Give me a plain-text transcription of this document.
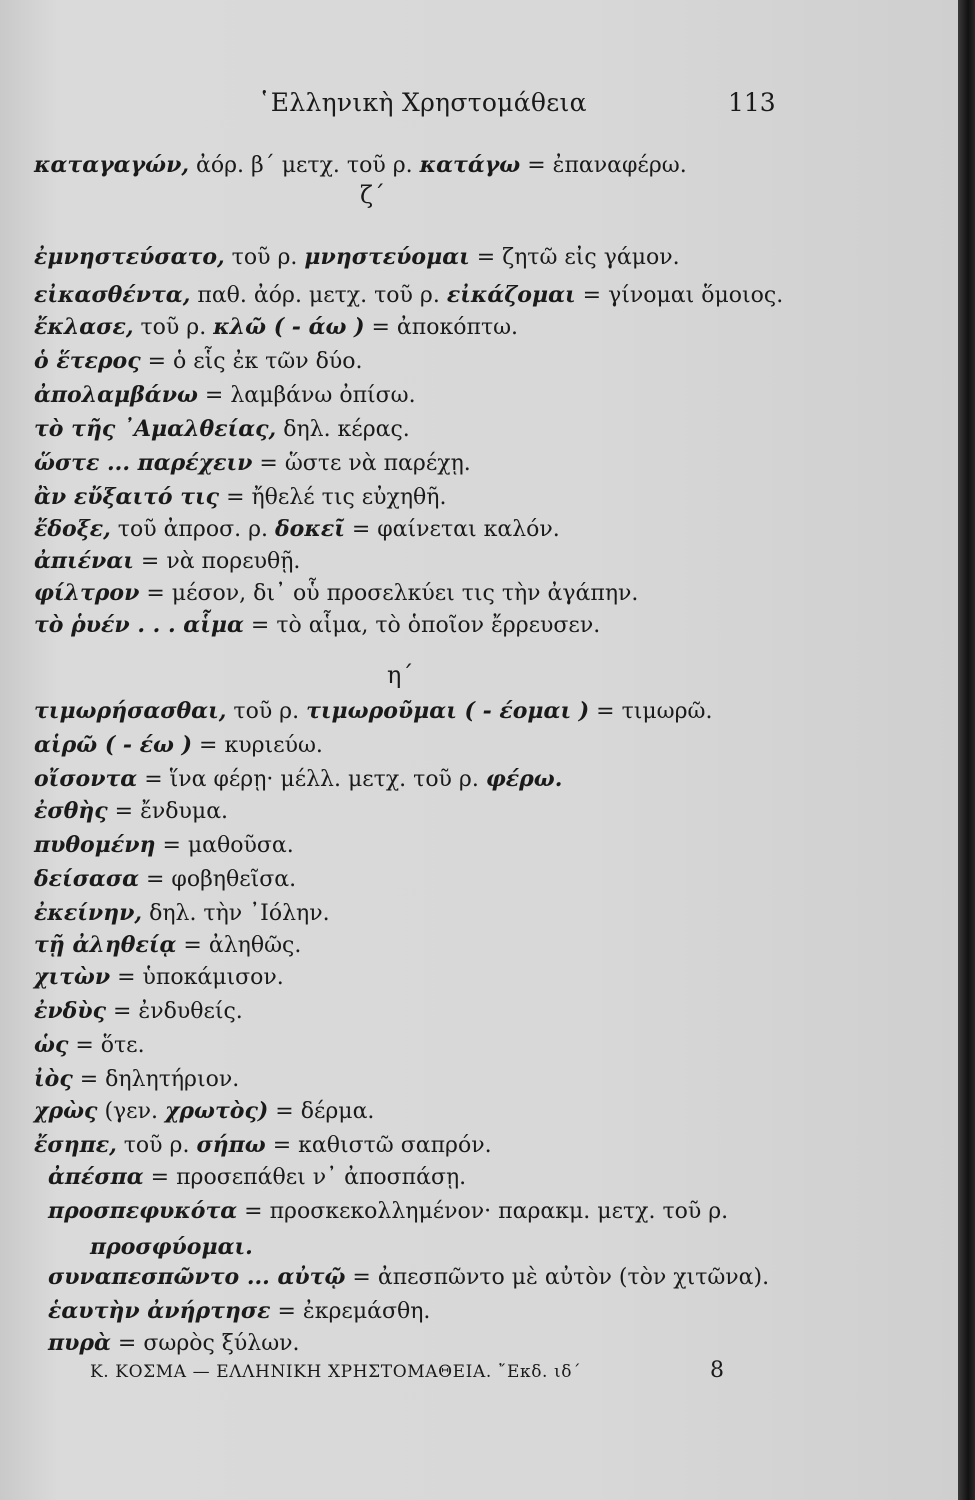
῾Ελληνικὴ Χρηστομάθεια	113
καταγαγών, ἀόρ. β΄ μετχ. τοῦ ρ. κατάγω = ἐπαναφέρω.
ζ΄
ἐμνηστεύσατο, τοῦ ρ. μνηστεύομαι = ζητῶ εἰς γάμον.
εἰκασθέντα, παθ. ἀόρ. μετχ. τοῦ ρ. εἰκάζομαι = γίνομαι ὅμοιος.
ἔκλασε, τοῦ ρ. κλῶ ( - άω ) = ἀποκόπτω.
ὁ ἕτερος = ὁ εἷς ἐκ τῶν δύο.
ἀπολαμβάνω = λαμβάνω ὀπίσω.
τὸ τῆς ᾿Αμαλθείας, δηλ. κέρας.
ὥστε ... παρέχειν = ὥστε νὰ παρέχῃ.
ἂν εὔξαιτό τις = ἤθελέ τις εὐχηθῆ.
ἔδοξε, τοῦ ἀπροσ. ρ. δοκεῖ = φαίνεται καλόν.
ἀπιέναι = νὰ πορευθῇ.
φίλτρον = μέσον, δι᾿ οὗ προσελκύει τις τὴν ἀγάπην.
τὸ ῥυέν . . . αἷμα = τὸ αἷμα, τὸ ὁποῖον ἔρρευσεν.
η΄
τιμωρήσασθαι, τοῦ ρ. τιμωροῦμαι ( - έομαι ) = τιμωρῶ.
αἱρῶ ( - έω ) = κυριεύω.
οἴσοντα = ἵνα φέρῃ· μέλλ. μετχ. τοῦ ρ. φέρω.
ἐσθὴς = ἔνδυμα.
πυθομένη = μαθοῦσα.
δείσασα = φοβηθεῖσα.
ἐκείνην, δηλ. τὴν ᾿Ιόλην.
τῇ ἀληθείᾳ = ἀληθῶς.
χιτὼν = ὑποκάμισον.
ἐνδὺς = ἐνδυθείς.
ὡς = ὅτε.
ἰὸς = δηλητήριον.
χρὼς (γεν. χρωτὸς) = δέρμα.
ἔσηπε, τοῦ ρ. σήπω = καθιστῶ σαπρόν.
ἀπέσπα = προσεπάθει ν᾿ ἀποσπάσῃ.
προσπεφυκότα = προσκεκολλημένον· παρακμ. μετχ. τοῦ ρ.
προσφύομαι.
συναπεσπῶντο ... αὐτῷ = ἀπεσπῶντο μὲ αὐτὸν (τὸν χιτῶνα).
ἑαυτὴν ἀνήρτησε = ἐκρεμάσθη.
πυρὰ = σωρὸς ξύλων.
Κ. ΚΟΣΜΑ — ΕΛΛΗΝΙΚΗ ΧΡΗΣΤΟΜΑΘΕΙΑ. ῎Εκδ. ιδ΄	8
